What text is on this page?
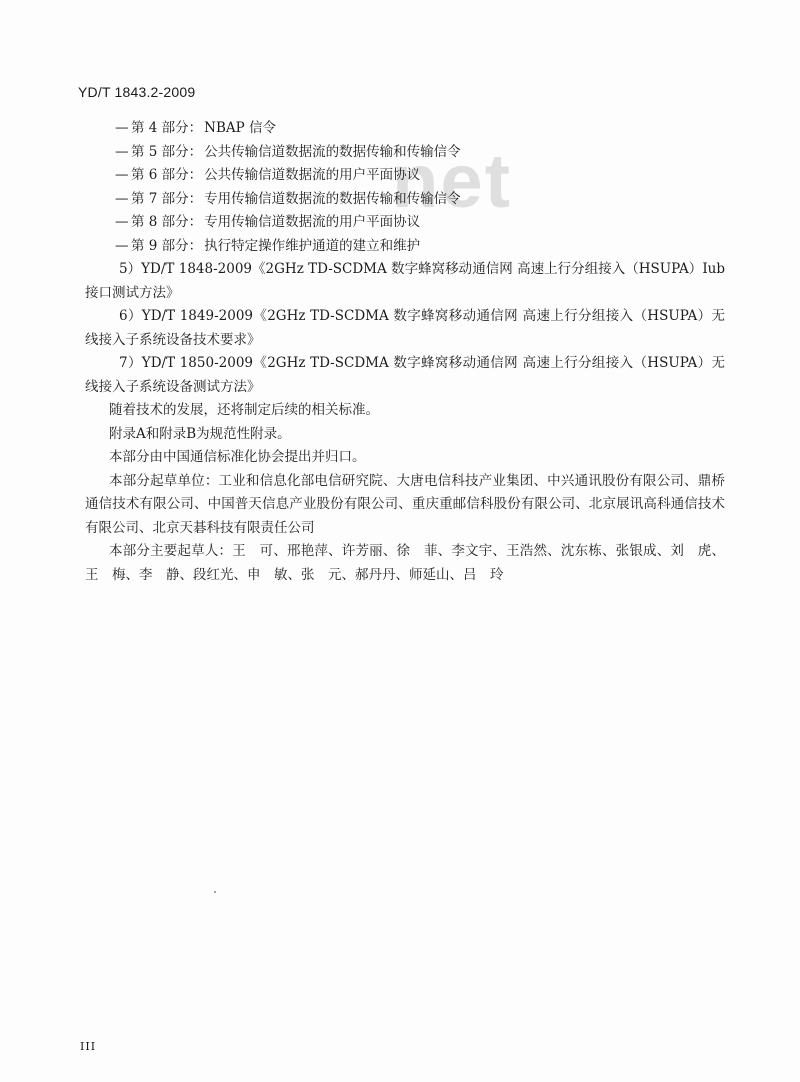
YD/T 1843.2-2009
net
— 第 4 部分： NBAP 信令
— 第 5 部分： 公共传输信道数据流的数据传输和传输信令
— 第 6 部分： 公共传输信道数据流的用户平面协议
— 第 7 部分： 专用传输信道数据流的数据传输和传输信令
— 第 8 部分： 专用传输信道数据流的用户平面协议
— 第 9 部分： 执行特定操作维护通道的建立和维护
5）YD/T 1848-2009《2GHz TD-SCDMA 数字蜂窝移动通信网 高速上行分组接入（HSUPA）Iub 接口测试方法》
6）YD/T 1849-2009《2GHz TD-SCDMA 数字蜂窝移动通信网 高速上行分组接入（HSUPA）无线接入子系统设备技术要求》
7）YD/T 1850-2009《2GHz TD-SCDMA 数字蜂窝移动通信网 高速上行分组接入（HSUPA）无线接入子系统设备测试方法》
随着技术的发展，还将制定后续的相关标准。
附录A和附录B为规范性附录。
本部分由中国通信标准化协会提出并归口。
本部分起草单位：工业和信息化部电信研究院、大唐电信科技产业集团、中兴通讯股份有限公司、鼎桥通信技术有限公司、中国普天信息产业股份有限公司、重庆重邮信科股份有限公司、北京展讯高科通信技术有限公司、北京天碁科技有限责任公司
本部分主要起草人：王　可、邢艳萍、许芳丽、徐　菲、李文宇、王浩然、沈东栋、张银成、刘　虎、王　梅、李　静、段红光、申　敏、张　元、郝丹丹、师延山、吕　玲
III
